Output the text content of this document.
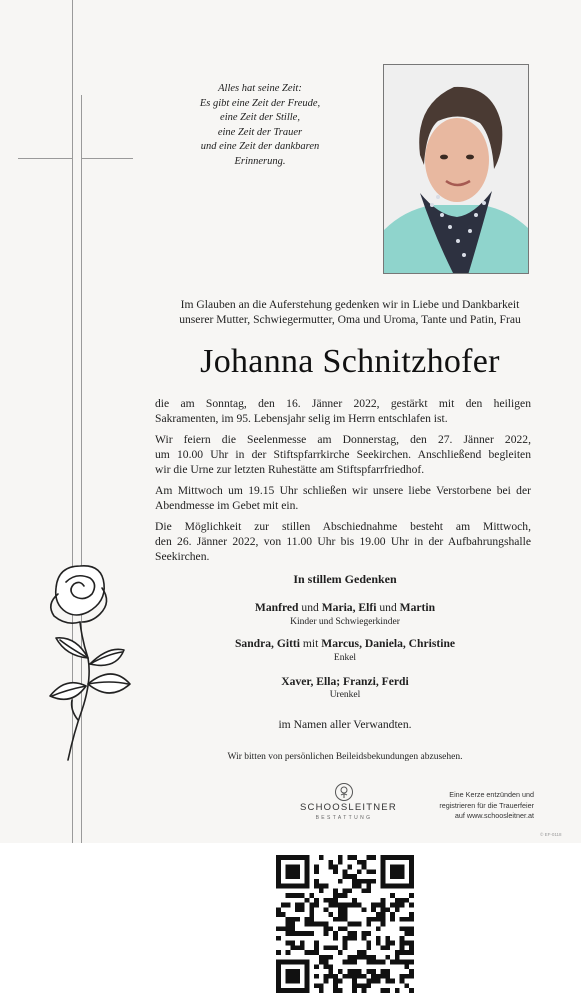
Alles hat seine Zeit:
Es gibt eine Zeit der Freude,
eine Zeit der Stille,
eine Zeit der Trauer
und eine Zeit der dankbaren
Erinnerung.
Im Glauben an die Auferstehung gedenken wir in Liebe und Dankbarkeit
unserer Mutter, Schwiegermutter, Oma und Uroma, Tante und Patin, Frau
Johanna Schnitzhofer
die am Sonntag, den 16. Jänner 2022, gestärkt mit den heiligen
Sakramenten, im 95. Lebensjahr selig im Herrn entschlafen ist.
Wir feiern die Seelenmesse am Donnerstag, den 27. Jänner 2022,
um 10.00 Uhr in der Stiftspfarrkirche Seekirchen. Anschließend begleiten
wir die Urne zur letzten Ruhestätte am Stiftspfarrfriedhof.
Am Mittwoch um 19.15 Uhr schließen wir unsere liebe Verstorbene bei der
Abendmesse im Gebet mit ein.
Die Möglichkeit zur stillen Abschiednahme besteht am Mittwoch,
den 26. Jänner 2022, von 11.00 Uhr bis 19.00 Uhr in der Aufbahrungshalle
Seekirchen.
In stillem Gedenken
Manfred und Maria, Elfi und Martin
Kinder und Schwiegerkinder
Sandra, Gitti mit Marcus, Daniela, Christine
Enkel
Xaver, Ella; Franzi, Ferdi
Urenkel
im Namen aller Verwandten.
Wir bitten von persönlichen Beileidsbekundungen abzusehen.
SCHOOSLEITNER
BESTATTUNG
Eine Kerze entzünden und
registrieren für die Trauerfeier
auf www.schoosleitner.at
© EF-0118
